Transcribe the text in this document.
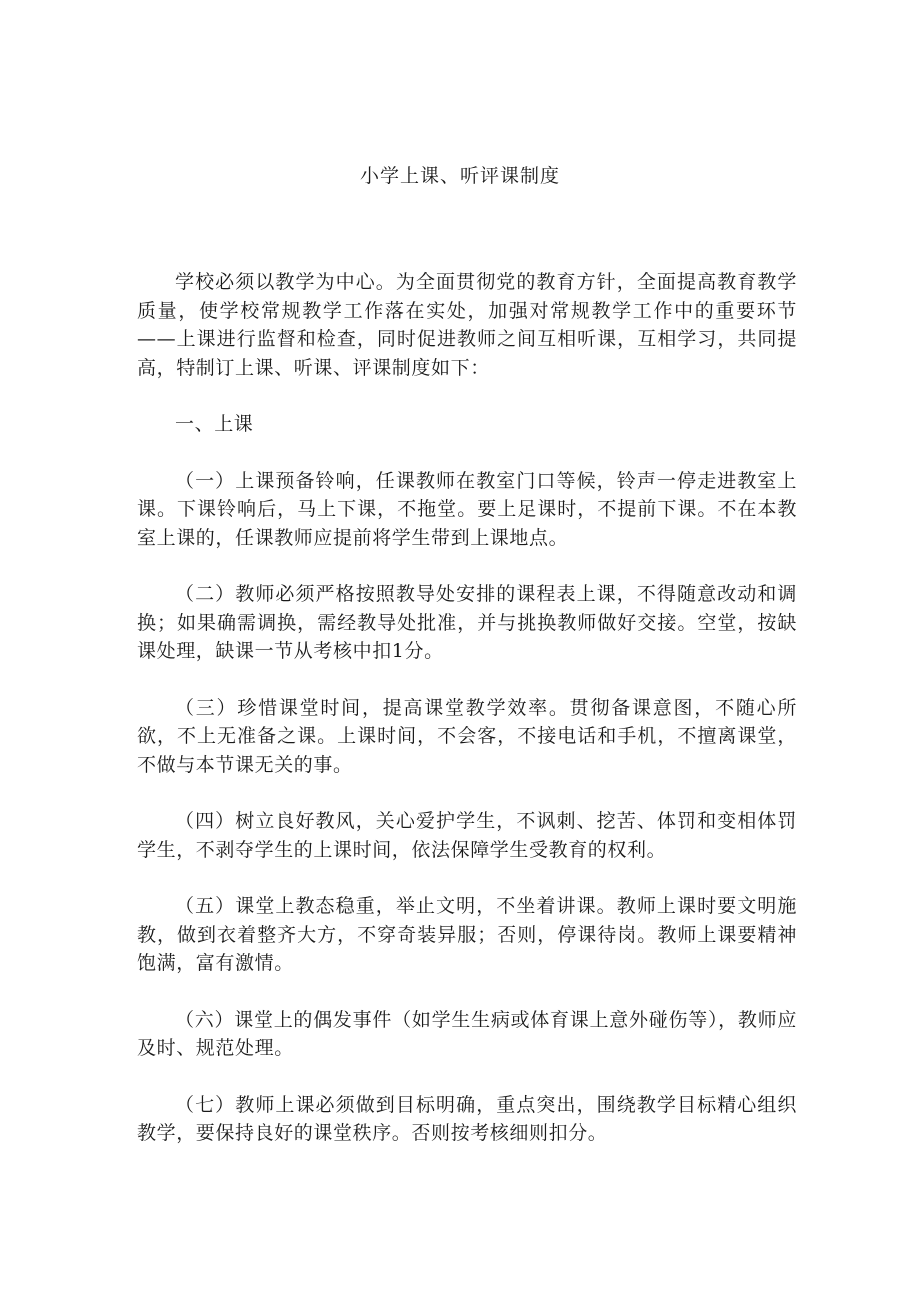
小学上课、听评课制度

学校必须以教学为中心。为全面贯彻党的教育方针，全面提高教育教学质量，使学校常规教学工作落在实处，加强对常规教学工作中的重要环节——上课进行监督和检查，同时促进教师之间互相听课，互相学习，共同提高，特制订上课、听课、评课制度如下：

一、上课

（一）上课预备铃响，任课教师在教室门口等候，铃声一停走进教室上课。下课铃响后，马上下课，不拖堂。要上足课时，不提前下课。不在本教室上课的，任课教师应提前将学生带到上课地点。

（二）教师必须严格按照教导处安排的课程表上课，不得随意改动和调换；如果确需调换，需经教导处批准，并与挑换教师做好交接。空堂，按缺课处理，缺课一节从考核中扣1分。

（三）珍惜课堂时间，提高课堂教学效率。贯彻备课意图，不随心所欲，不上无准备之课。上课时间，不会客，不接电话和手机，不擅离课堂，不做与本节课无关的事。

（四）树立良好教风，关心爱护学生，不讽刺、挖苦、体罚和变相体罚学生，不剥夺学生的上课时间，依法保障学生受教育的权利。

（五）课堂上教态稳重，举止文明，不坐着讲课。教师上课时要文明施教，做到衣着整齐大方，不穿奇装异服；否则，停课待岗。教师上课要精神饱满，富有激情。

（六）课堂上的偶发事件（如学生生病或体育课上意外碰伤等），教师应及时、规范处理。

（七）教师上课必须做到目标明确，重点突出，围绕教学目标精心组织教学，要保持良好的课堂秩序。否则按考核细则扣分。
